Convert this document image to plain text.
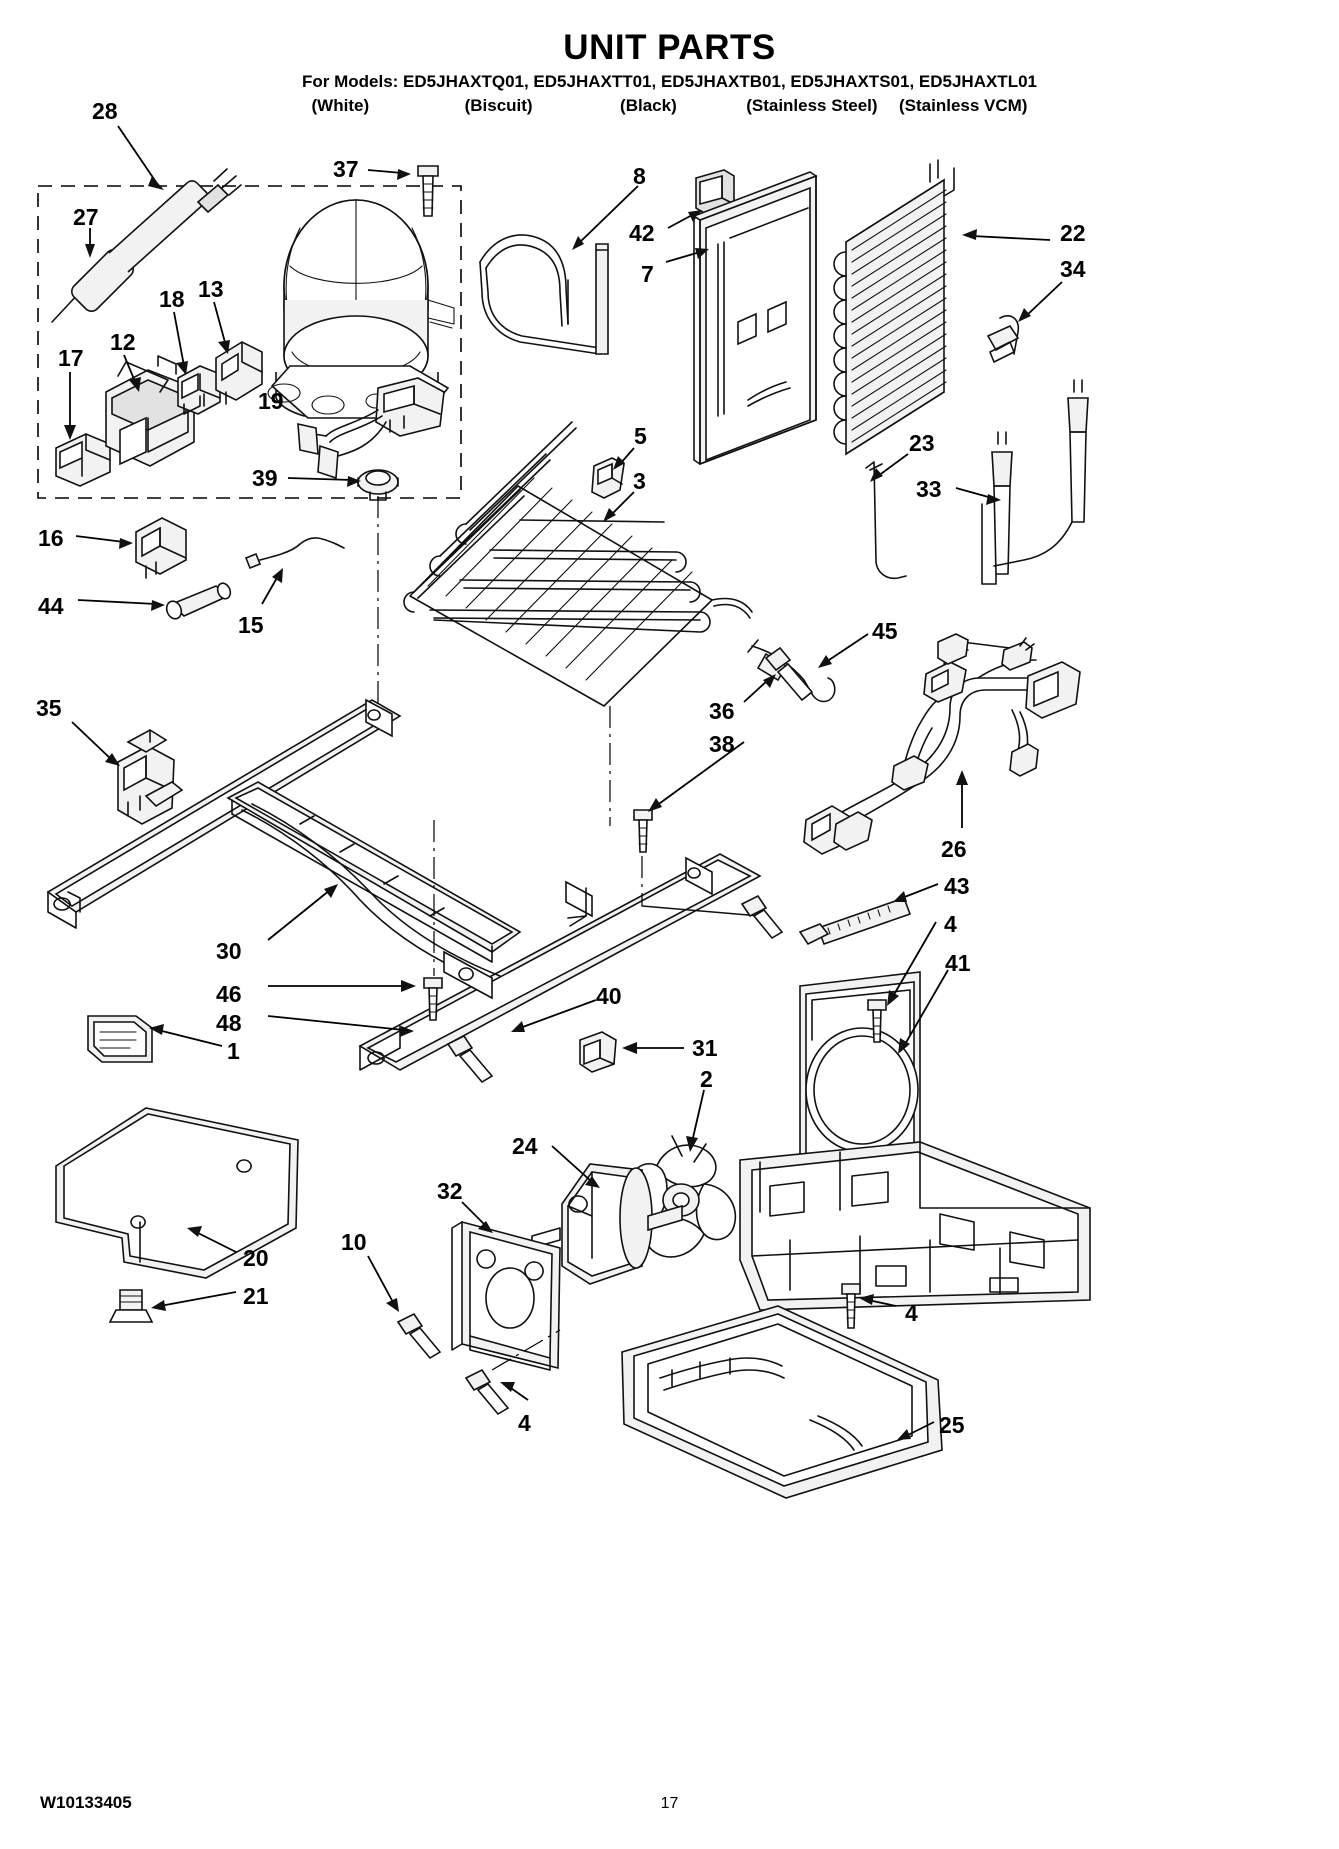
UNIT PARTS
For Models: ED5JHAXTQ01, ED5JHAXTT01, ED5JHAXTB01, ED5JHAXTS01, ED5JHAXTL01
(White)	(Biscuit)	(Black)	(Stainless Steel) (Stainless VCM)
28
37	8
27
42	22
7	34
18 13
12
17
19
39
5
3
23
33
16
44
15	45
36
35
38
26
43
4
30	41
46	40
48
31
1
2
24
32
20
10
21
4
4	25
W10133405	17
